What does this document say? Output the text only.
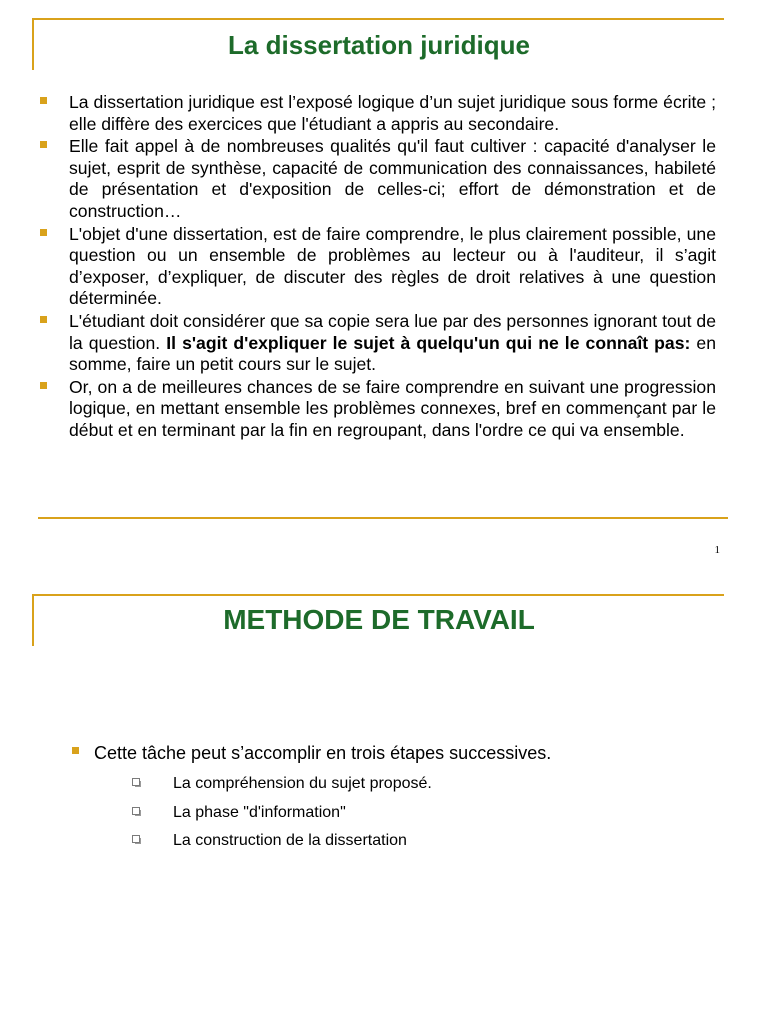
La dissertation juridique
La dissertation juridique est l’exposé logique d’un sujet juridique sous forme écrite ; elle diffère des exercices que l'étudiant a appris au secondaire.
Elle fait appel à de nombreuses qualités qu'il faut cultiver : capacité d'analyser le sujet, esprit de synthèse, capacité de communication des connaissances, habileté de présentation et d'exposition de celles-ci; effort de démonstration et de construction…
L'objet d'une dissertation, est de faire comprendre, le plus clairement possible, une question ou un ensemble de problèmes au lecteur ou à l'auditeur, il s’agit d’exposer, d’expliquer, de discuter des règles de droit relatives à une question déterminée.
L'étudiant doit considérer que sa copie sera lue par des personnes ignorant tout de la question. Il s'agit d'expliquer le sujet à quelqu'un qui ne le connaît pas: en somme, faire un petit cours sur le sujet.
Or, on a de meilleures chances de se faire comprendre en suivant une progression logique, en mettant ensemble les problèmes connexes, bref en commençant par le début et en terminant par la fin en regroupant, dans l'ordre ce qui va ensemble.
1
METHODE DE TRAVAIL
Cette tâche peut s’accomplir en trois étapes successives.
La compréhension du sujet proposé.
La phase "d'information"
La construction de la dissertation
